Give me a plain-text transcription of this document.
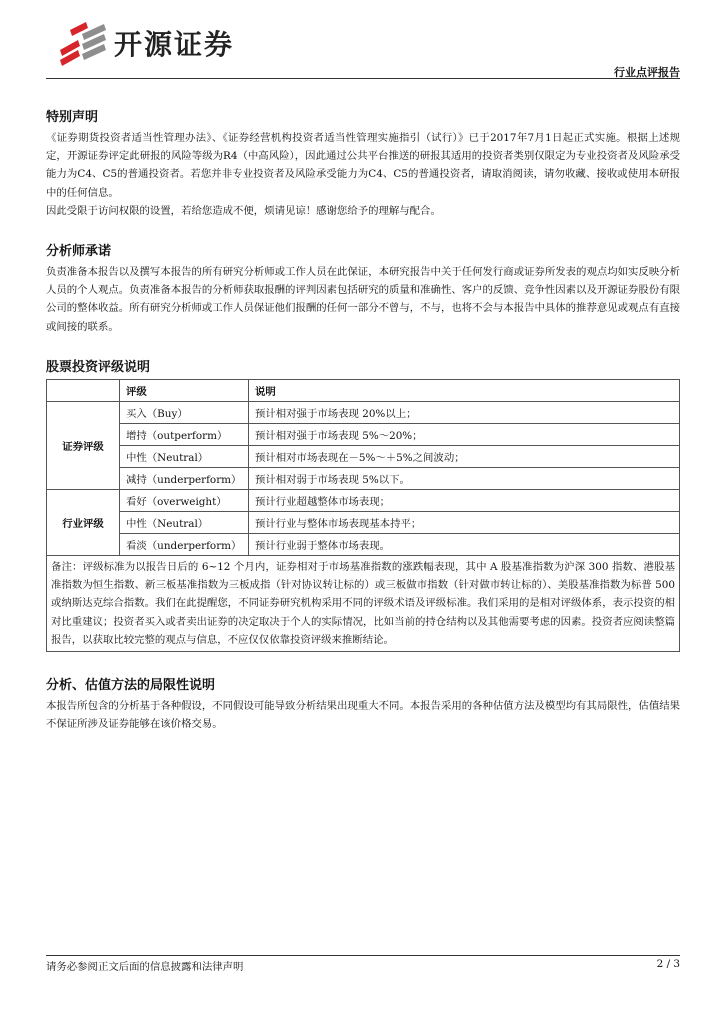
开源证券
行业点评报告
特别声明

《证券期货投资者适当性管理办法》、《证券经营机构投资者适当性管理实施指引（试行）》已于2017年7月1日起正式实施。根据上述规定，开源证券评定此研报的风险等级为R4（中高风险），因此通过公共平台推送的研报其适用的投资者类别仅限定为专业投资者及风险承受能力为C4、C5的普通投资者。若您并非专业投资者及风险承受能力为C4、C5的普通投资者，请取消阅读，请勿收藏、接收或使用本研报中的任何信息。

因此受限于访问权限的设置，若给您造成不便，烦请见谅！感谢您给予的理解与配合。

分析师承诺

负责准备本报告以及撰写本报告的所有研究分析师或工作人员在此保证，本研究报告中关于任何发行商或证券所发表的观点均如实反映分析人员的个人观点。负责准备本报告的分析师获取报酬的评判因素包括研究的质量和准确性、客户的反馈、竞争性因素以及开源证券股份有限公司的整体收益。所有研究分析师或工作人员保证他们报酬的任何一部分不曾与，不与，也将不会与本报告中具体的推荐意见或观点有直接或间接的联系。

股票投资评级说明
	评级	说明
证券评级	买入（Buy）	预计相对强于市场表现 20%以上；
	增持（outperform）	预计相对强于市场表现 5%～20%；
	中性（Neutral）	预计相对市场表现在－5%～＋5%之间波动；
	减持（underperform）	预计相对弱于市场表现 5%以下。
行业评级	看好（overweight）	预计行业超越整体市场表现；
	中性（Neutral）	预计行业与整体市场表现基本持平；
	看淡（underperform）	预计行业弱于整体市场表现。
备注：评级标准为以报告日后的 6~12 个月内，证券相对于市场基准指数的涨跌幅表现，其中 A 股基准指数为沪深 300 指数、港股基准指数为恒生指数、新三板基准指数为三板成指（针对协议转让标的）或三板做市指数（针对做市转让标的）、美股基准指数为标普 500 或纳斯达克综合指数。我们在此提醒您，不同证券研究机构采用不同的评级术语及评级标准。我们采用的是相对评级体系，表示投资的相对比重建议；投资者买入或者卖出证券的决定取决于个人的实际情况，比如当前的持仓结构以及其他需要考虑的因素。投资者应阅读整篇报告，以获取比较完整的观点与信息，不应仅仅依靠投资评级来推断结论。		
分析、估值方法的局限性说明

本报告所包含的分析基于各种假设，不同假设可能导致分析结果出现重大不同。本报告采用的各种估值方法及模型均有其局限性，估值结果不保证所涉及证券能够在该价格交易。

请务必参阅正文后面的信息披露和法律声明	2 / 3
